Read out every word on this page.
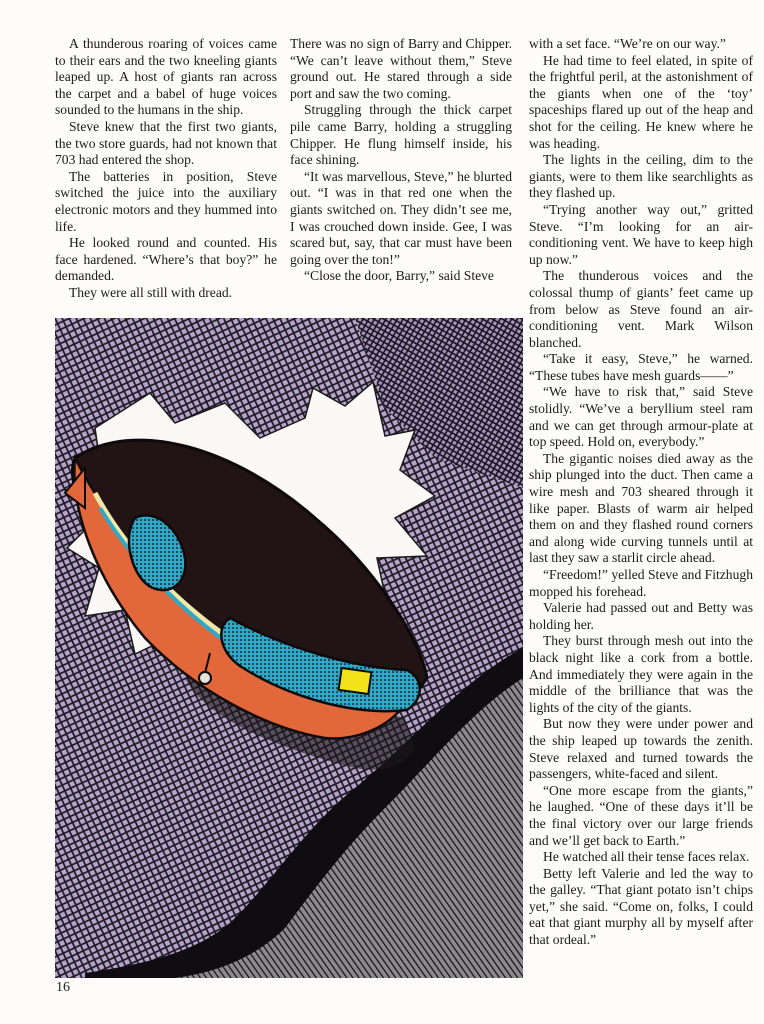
A thunderous roaring of voices came to their ears and the two kneeling giants leaped up. A host of giants ran across the carpet and a babel of huge voices sounded to the humans in the ship.

Steve knew that the first two giants, the two store guards, had not known that 703 had entered the shop.

The batteries in position, Steve switched the juice into the auxiliary electronic motors and they hummed into life.

He looked round and counted. His face hardened. “Where’s that boy?” he demanded.

They were all still with dread.

There was no sign of Barry and Chipper. “We can’t leave without them,” Steve ground out. He stared through a side port and saw the two coming.

Struggling through the thick carpet pile came Barry, holding a struggling Chipper. He flung himself inside, his face shining.

“It was marvellous, Steve,” he blurted out. “I was in that red one when the giants switched on. They didn’t see me, I was crouched down inside. Gee, I was scared but, say, that car must have been going over the ton!”

“Close the door, Barry,” said Steve

with a set face. “We’re on our way.”

He had time to feel elated, in spite of the frightful peril, at the astonishment of the giants when one of the ‘toy’ spaceships flared up out of the heap and shot for the ceiling. He knew where he was heading.

The lights in the ceiling, dim to the giants, were to them like searchlights as they flashed up.

“Trying another way out,” gritted Steve. “I’m looking for an air-conditioning vent. We have to keep high up now.”

The thunderous voices and the colossal thump of giants’ feet came up from below as Steve found an air-conditioning vent. Mark Wilson blanched.

“Take it easy, Steve,” he warned. “These tubes have mesh guards——”

“We have to risk that,” said Steve stolidly. “We’ve a beryllium steel ram and we can get through armour-plate at top speed. Hold on, everybody.”

The gigantic noises died away as the ship plunged into the duct. Then came a wire mesh and 703 sheared through it like paper. Blasts of warm air helped them on and they flashed round corners and along wide curving tunnels until at last they saw a starlit circle ahead.

“Freedom!” yelled Steve and Fitzhugh mopped his forehead.

Valerie had passed out and Betty was holding her.

They burst through mesh out into the black night like a cork from a bottle. And immediately they were again in the middle of the brilliance that was the lights of the city of the giants.

But now they were under power and the ship leaped up towards the zenith. Steve relaxed and turned towards the passengers, white-faced and silent.

“One more escape from the giants,” he laughed. “One of these days it’ll be the final victory over our large friends and we’ll get back to Earth.”

He watched all their tense faces relax.

Betty left Valerie and led the way to the galley. “That giant potato isn’t chips yet,” she said. “Come on, folks, I could eat that giant murphy all by myself after that ordeal.”

16
